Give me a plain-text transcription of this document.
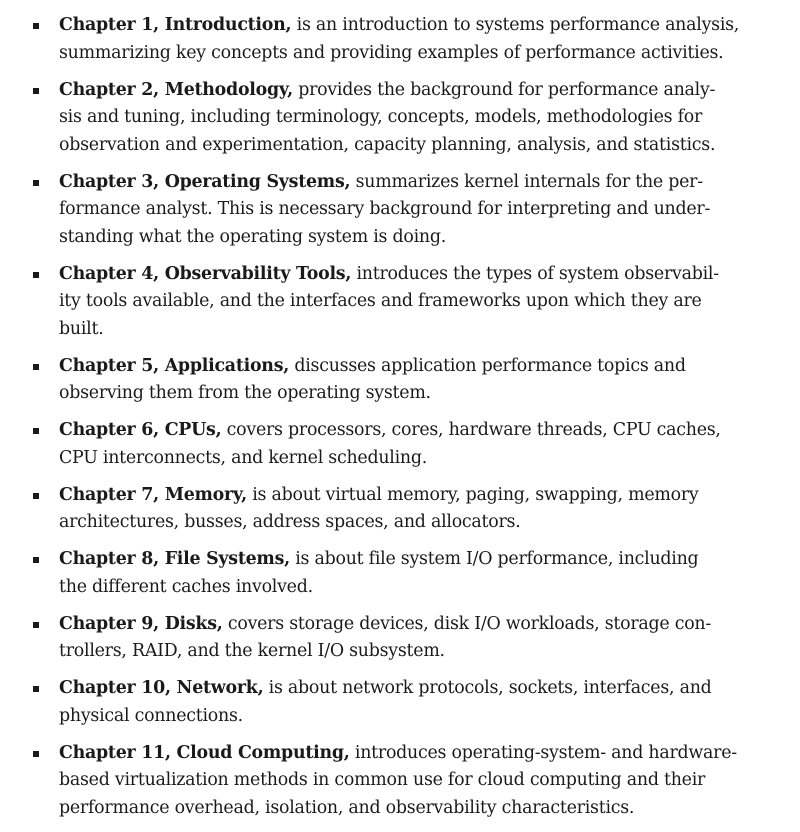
Chapter 1, Introduction, is an introduction to systems performance analysis,
summarizing key concepts and providing examples of performance activities.
Chapter 2, Methodology, provides the background for performance analy-
sis and tuning, including terminology, concepts, models, methodologies for
observation and experimentation, capacity planning, analysis, and statistics.
Chapter 3, Operating Systems, summarizes kernel internals for the per-
formance analyst. This is necessary background for interpreting and under-
standing what the operating system is doing.
Chapter 4, Observability Tools, introduces the types of system observabil-
ity tools available, and the interfaces and frameworks upon which they are
built.
Chapter 5, Applications, discusses application performance topics and
observing them from the operating system.
Chapter 6, CPUs, covers processors, cores, hardware threads, CPU caches,
CPU interconnects, and kernel scheduling.
Chapter 7, Memory, is about virtual memory, paging, swapping, memory
architectures, busses, address spaces, and allocators.
Chapter 8, File Systems, is about file system I/O performance, including
the different caches involved.
Chapter 9, Disks, covers storage devices, disk I/O workloads, storage con-
trollers, RAID, and the kernel I/O subsystem.
Chapter 10, Network, is about network protocols, sockets, interfaces, and
physical connections.
Chapter 11, Cloud Computing, introduces operating-system- and hardware-
based virtualization methods in common use for cloud computing and their
performance overhead, isolation, and observability characteristics.
